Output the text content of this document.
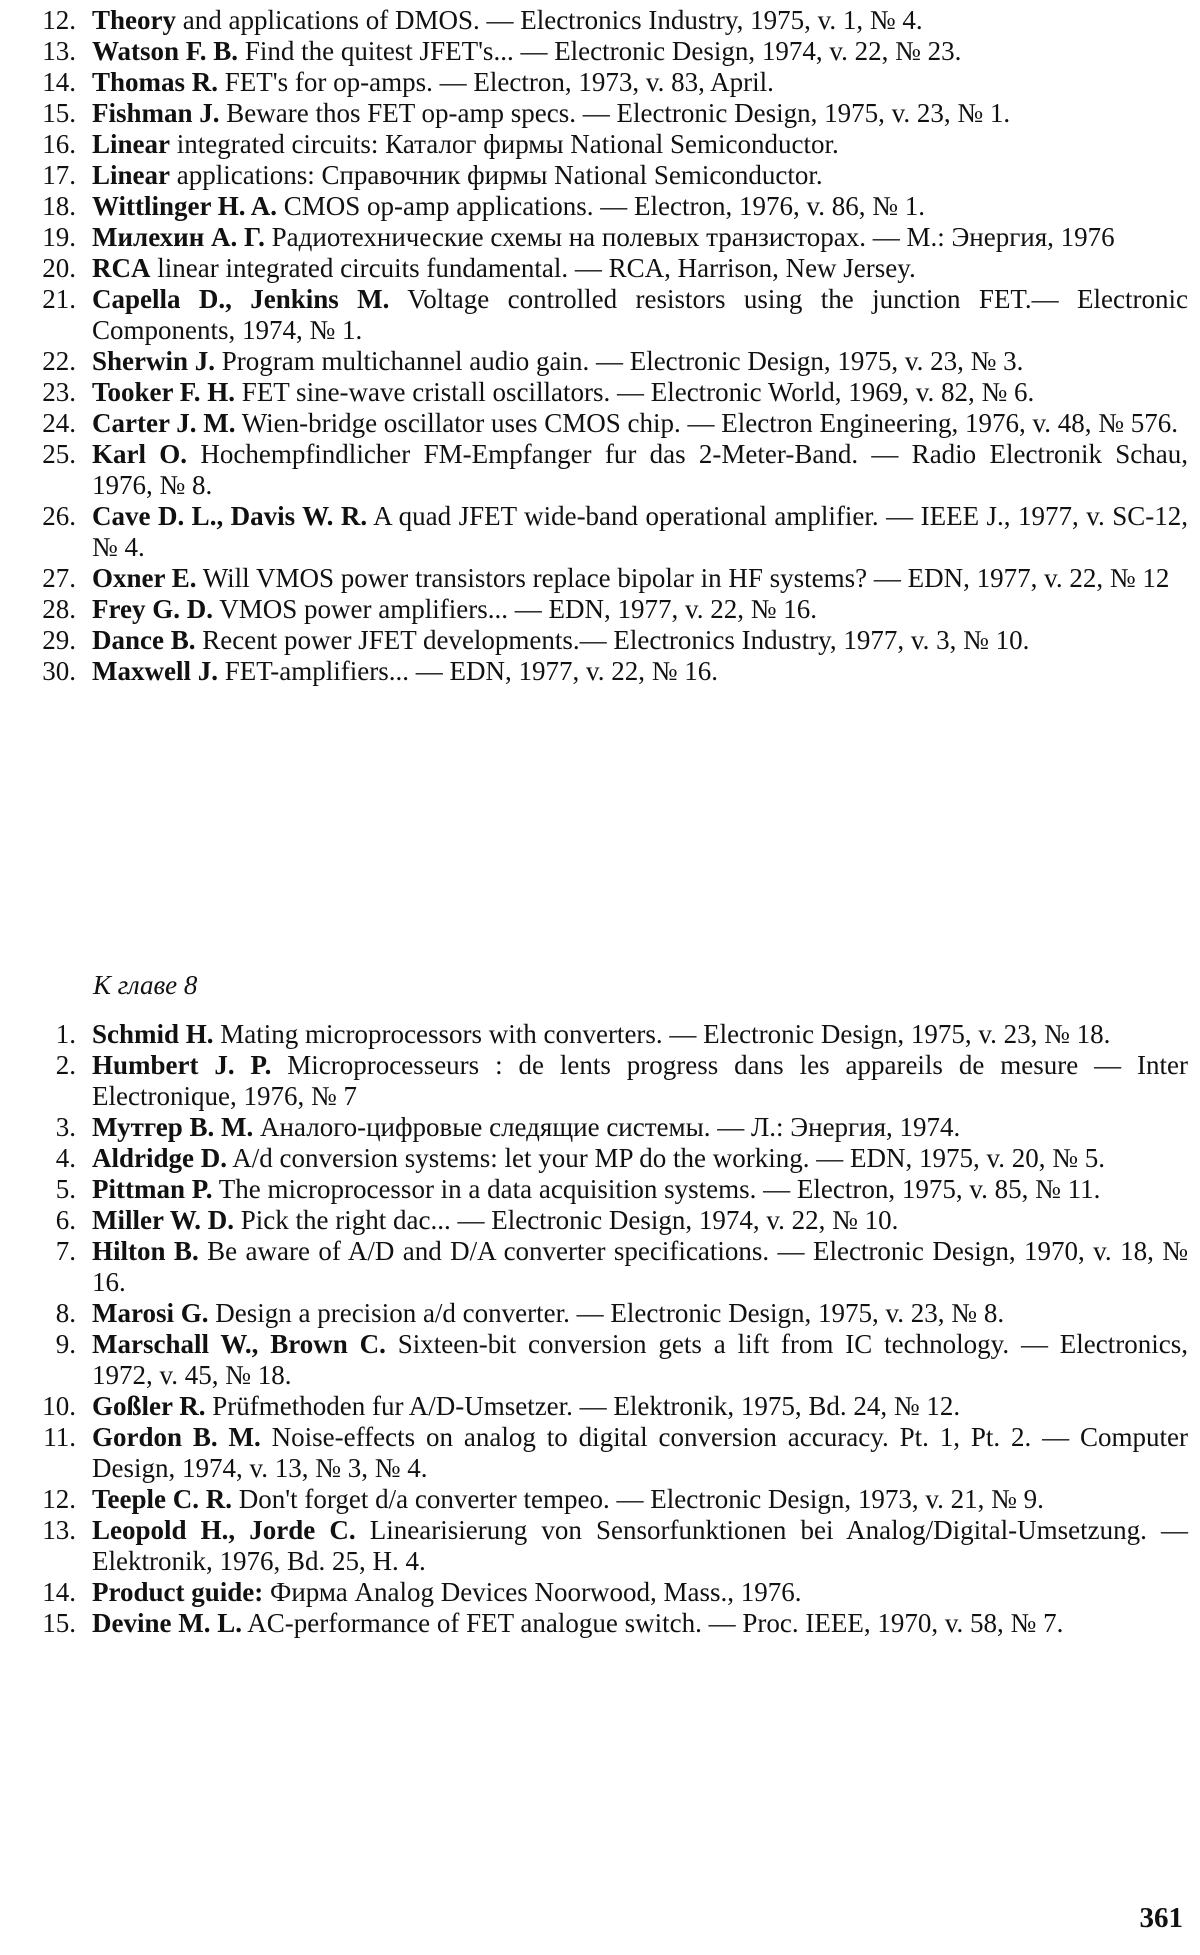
12. Theory and applications of DMOS. — Electronics Industry, 1975, v. 1, № 4.
13. Watson F. B. Find the quitest JFET's... — Electronic Design, 1974, v. 22, № 23.
14. Thomas R. FET's for op-amps. — Electron, 1973, v. 83, April.
15. Fishman J. Beware thos FET op-amp specs. — Electronic Design, 1975, v. 23, № 1.
16. Linear integrated circuits: Каталог фирмы National Semiconductor.
17. Linear applications: Справочник фирмы National Semiconductor.
18. Wittlinger H. A. CMOS op-amp applications. — Electron, 1976, v. 86, № 1.
19. Милехин А. Г. Радиотехнические схемы на полевых транзисторах. — М.: Энергия, 1976
20. RCA linear integrated circuits fundamental. — RCA, Harrison, New Jersey.
21. Capella D., Jenkins M. Voltage controlled resistors using the junction FET.— Electronic Components, 1974, № 1.
22. Sherwin J. Program multichannel audio gain. — Electronic Design, 1975, v. 23, № 3.
23. Tooker F. H. FET sine-wave cristall oscillators. — Electronic World, 1969, v. 82, № 6.
24. Carter J. M. Wien-bridge oscillator uses CMOS chip. — Electron Engineering, 1976, v. 48, № 576.
25. Karl O. Hochempfindlicher FM-Empfanger fur das 2-Meter-Band. — Radio Electronik Schau, 1976, № 8.
26. Cave D. L., Davis W. R. A quad JFET wide-band operational amplifier. — IEEE J., 1977, v. SC-12, № 4.
27. Oxner E. Will VMOS power transistors replace bipolar in HF systems? — EDN, 1977, v. 22, № 12
28. Frey G. D. VMOS power amplifiers... — EDN, 1977, v. 22, № 16.
29. Dance B. Recent power JFET developments.— Electronics Industry, 1977, v. 3, № 10.
30. Maxwell J. FET-amplifiers... — EDN, 1977, v. 22, № 16.
К главе 8
1. Schmid H. Mating microprocessors with converters. — Electronic Design, 1975, v. 23, № 18.
2. Humbert J. P. Microprocesseurs : de lents progress dans les appareils de mesure — Inter Electronique, 1976, № 7
3. Мутгер В. М. Аналого-цифровые следящие системы. — Л.: Энергия, 1974.
4. Aldridge D. A/d conversion systems: let your MP do the working. — EDN, 1975, v. 20, № 5.
5. Pittman P. The microprocessor in a data acquisition systems. — Electron, 1975, v. 85, № 11.
6. Miller W. D. Pick the right dac... — Electronic Design, 1974, v. 22, № 10.
7. Hilton B. Be aware of A/D and D/A converter specifications. — Electronic Design, 1970, v. 18, № 16.
8. Marosi G. Design a precision a/d converter. — Electronic Design, 1975, v. 23, № 8.
9. Marschall W., Brown C. Sixteen-bit conversion gets a lift from IC technology. — Electronics, 1972, v. 45, № 18.
10. Goßler R. Prüfmethoden fur A/D-Umsetzer. — Elektronik, 1975, Bd. 24, № 12.
11. Gordon B. M. Noise-effects on analog to digital conversion accuracy. Pt. 1, Pt. 2. — Computer Design, 1974, v. 13, № 3, № 4.
12. Teeple C. R. Don't forget d/a converter tempeo. — Electronic Design, 1973, v. 21, № 9.
13. Leopold H., Jorde C. Linearisierung von Sensorfunktionen bei Analog/Digital-Umsetzung. — Elektronik, 1976, Bd. 25, H. 4.
14. Product guide: Фирма Analog Devices Noorwood, Mass., 1976.
15. Devine M. L. AC-performance of FET analogue switch. — Proc. IEEE, 1970, v. 58, № 7.
361
